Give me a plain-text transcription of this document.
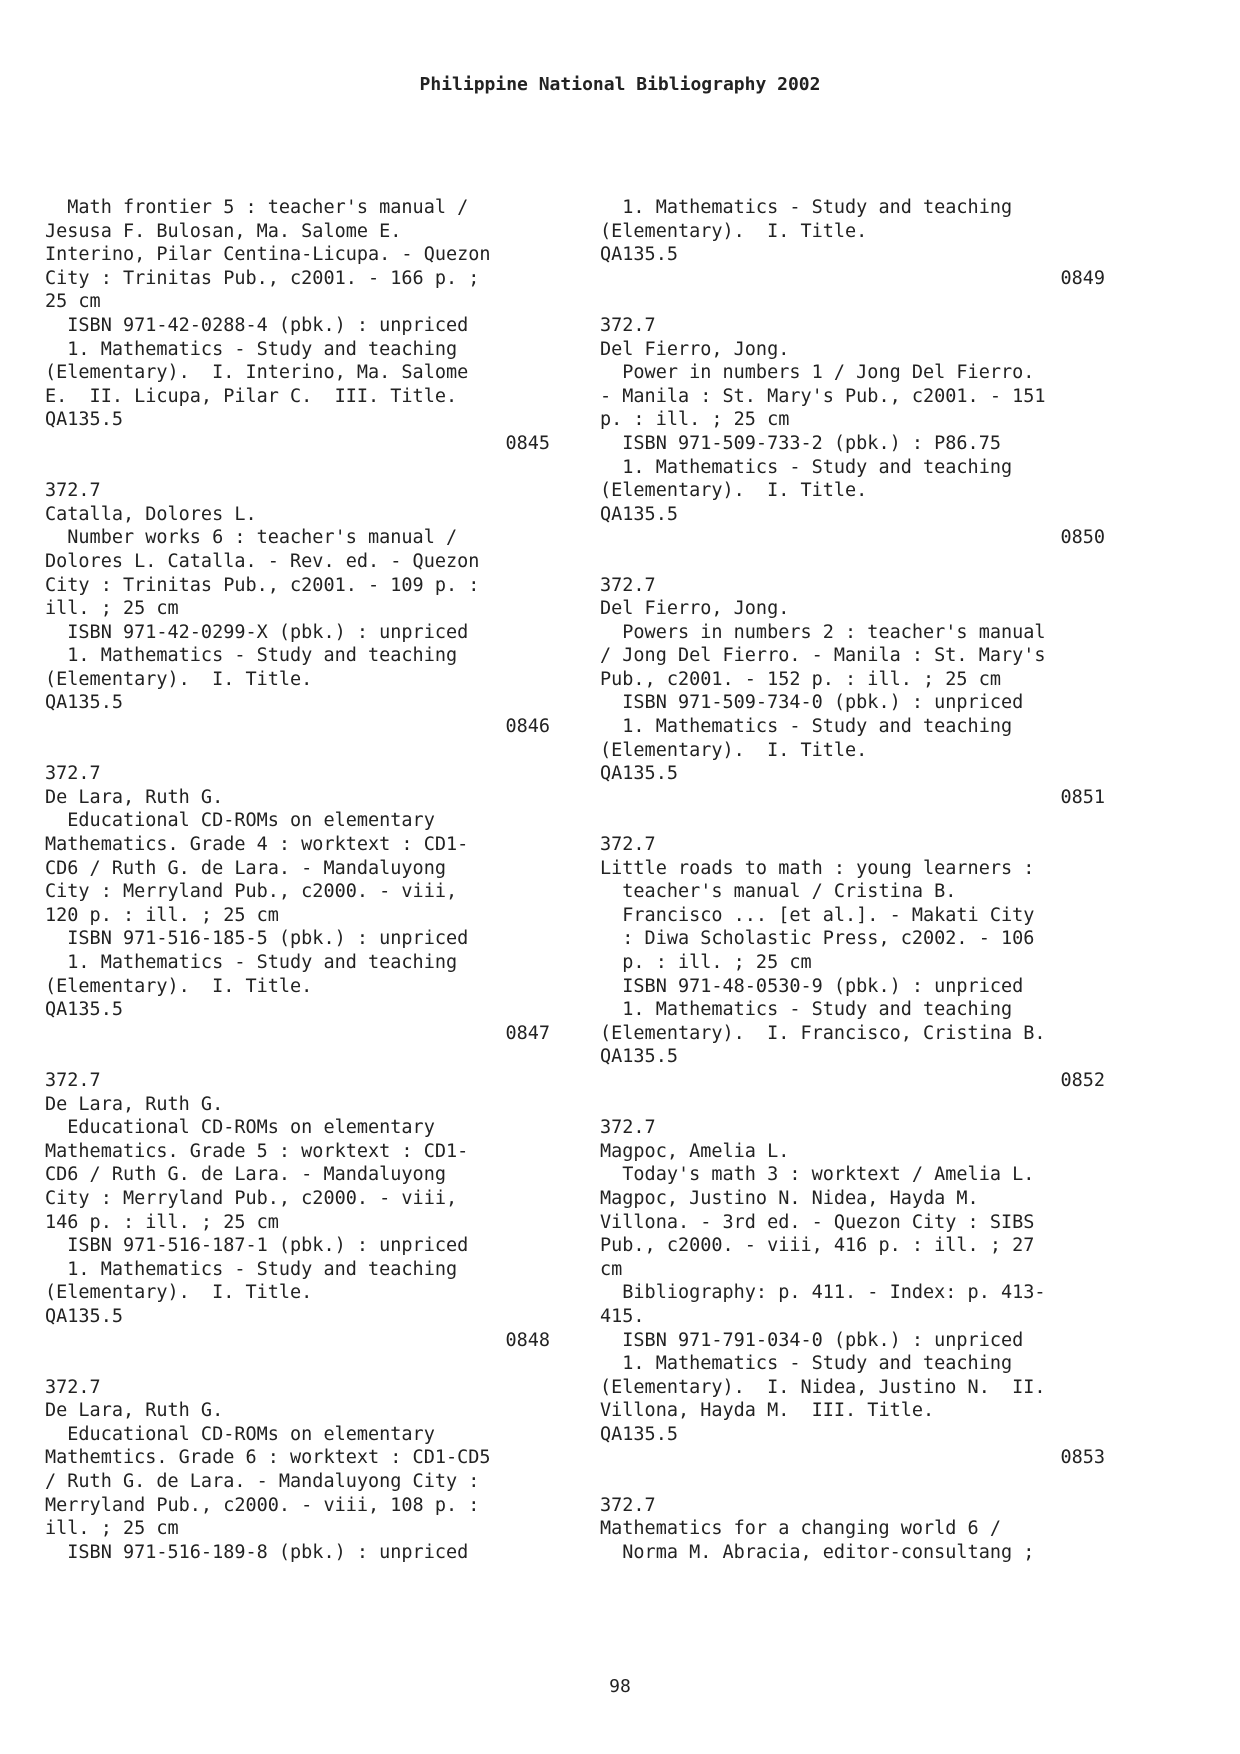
Philippine National Bibliography 2002
Math frontier 5 : teacher's manual /
Jesusa F. Bulosan, Ma. Salome E.
Interino, Pilar Centina-Licupa. - Quezon
City : Trinitas Pub., c2001. - 166 p. ;
25 cm
ISBN 971-42-0288-4 (pbk.) : unpriced
1. Mathematics - Study and teaching
(Elementary).  I. Interino, Ma. Salome
E.  II. Licupa, Pilar C.  III. Title.
QA135.5
0845
372.7
Catalla, Dolores L.
Number works 6 : teacher's manual /
Dolores L. Catalla. - Rev. ed. - Quezon
City : Trinitas Pub., c2001. - 109 p. :
ill. ; 25 cm
ISBN 971-42-0299-X (pbk.) : unpriced
1. Mathematics - Study and teaching
(Elementary).  I. Title.
QA135.5
0846
372.7
De Lara, Ruth G.
Educational CD-ROMs on elementary
Mathematics. Grade 4 : worktext : CD1-
CD6 / Ruth G. de Lara. - Mandaluyong
City : Merryland Pub., c2000. - viii,
120 p. : ill. ; 25 cm
ISBN 971-516-185-5 (pbk.) : unpriced
1. Mathematics - Study and teaching
(Elementary).  I. Title.
QA135.5
0847
372.7
De Lara, Ruth G.
Educational CD-ROMs on elementary
Mathematics. Grade 5 : worktext : CD1-
CD6 / Ruth G. de Lara. - Mandaluyong
City : Merryland Pub., c2000. - viii,
146 p. : ill. ; 25 cm
ISBN 971-516-187-1 (pbk.) : unpriced
1. Mathematics - Study and teaching
(Elementary).  I. Title.
QA135.5
0848
372.7
De Lara, Ruth G.
Educational CD-ROMs on elementary
Mathemtics. Grade 6 : worktext : CD1-CD5
/ Ruth G. de Lara. - Mandaluyong City :
Merryland Pub., c2000. - viii, 108 p. :
ill. ; 25 cm
ISBN 971-516-189-8 (pbk.) : unpriced
1. Mathematics - Study and teaching
(Elementary).  I. Title.
QA135.5
0849
372.7
Del Fierro, Jong.
Power in numbers 1 / Jong Del Fierro.
- Manila : St. Mary's Pub., c2001. - 151
p. : ill. ; 25 cm
ISBN 971-509-733-2 (pbk.) : P86.75
1. Mathematics - Study and teaching
(Elementary).  I. Title.
QA135.5
0850
372.7
Del Fierro, Jong.
Powers in numbers 2 : teacher's manual
/ Jong Del Fierro. - Manila : St. Mary's
Pub., c2001. - 152 p. : ill. ; 25 cm
ISBN 971-509-734-0 (pbk.) : unpriced
1. Mathematics - Study and teaching
(Elementary).  I. Title.
QA135.5
0851
372.7
Little roads to math : young learners :
teacher's manual / Cristina B.
Francisco ... [et al.]. - Makati City
: Diwa Scholastic Press, c2002. - 106
p. : ill. ; 25 cm
ISBN 971-48-0530-9 (pbk.) : unpriced
1. Mathematics - Study and teaching
(Elementary).  I. Francisco, Cristina B.
QA135.5
0852
372.7
Magpoc, Amelia L.
Today's math 3 : worktext / Amelia L.
Magpoc, Justino N. Nidea, Hayda M.
Villona. - 3rd ed. - Quezon City : SIBS
Pub., c2000. - viii, 416 p. : ill. ; 27
cm
Bibliography: p. 411. - Index: p. 413-
415.
ISBN 971-791-034-0 (pbk.) : unpriced
1. Mathematics - Study and teaching
(Elementary).  I. Nidea, Justino N.  II.
Villona, Hayda M.  III. Title.
QA135.5
0853
372.7
Mathematics for a changing world 6 /
Norma M. Abracia, editor-consultang ;
98
